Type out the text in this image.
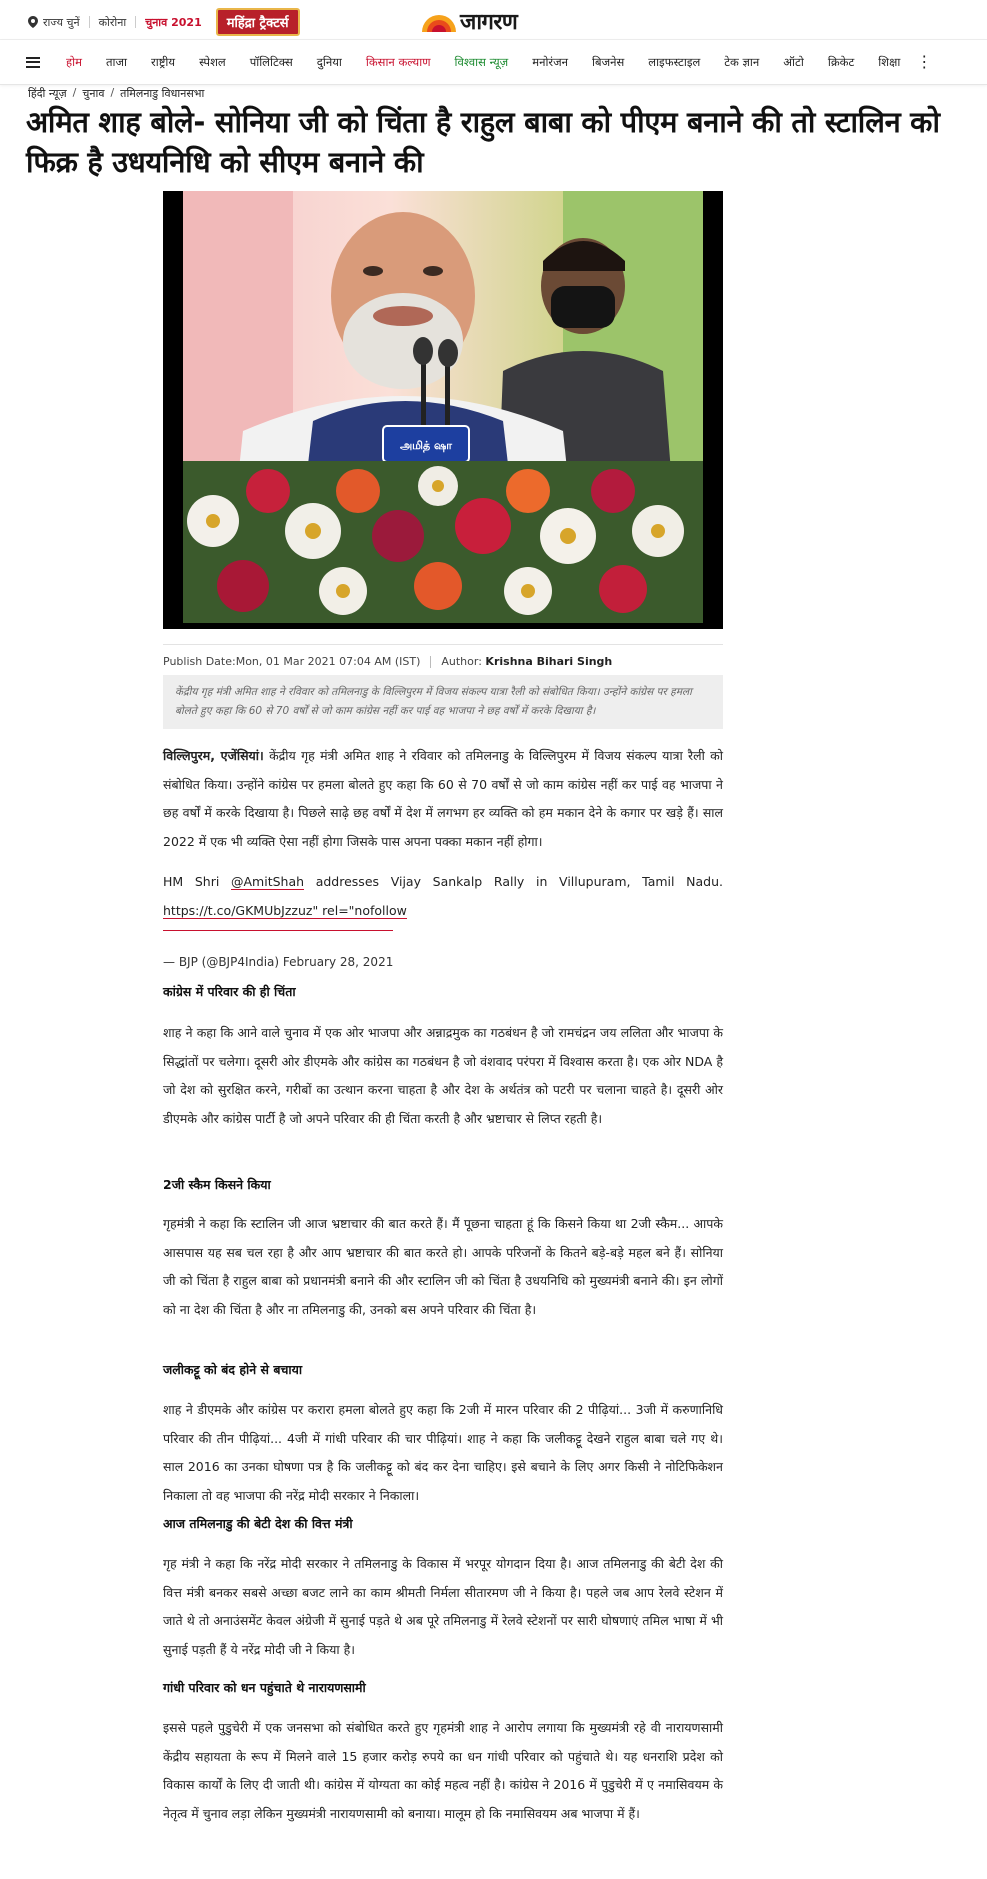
राज्य चुनें कोरोना चुनाव 2021	महिंद्रा ट्रैक्टर्स	जागरण
होम	ताजा	राष्ट्रीय	स्पेशल	पॉलिटिक्स	दुनिया	किसान कल्याण	विश्वास न्यूज़	मनोरंजन	बिजनेस	लाइफस्टाइल	टेक ज्ञान	ऑटो	क्रिकेट	शिक्षा	⋮
हिंदी न्यूज़ / चुनाव / तमिलनाडु विधानसभा
अमित शाह बोले- सोनिया जी को चिंता है राहुल बाबा को पीएम बनाने की तो स्टालिन को फिक्र है उधयनिधि को सीएम बनाने की
அமித் ஷா
Publish Date:Mon, 01 Mar 2021 07:04 AM (IST) Author:
Krishna Bihari Singh
केंद्रीय गृह मंत्री अमित शाह ने रविवार को तमिलनाडु के विल्लिपुरम में विजय संकल्प यात्रा रैली को संबोधित किया। उन्होंने कांग्रेस पर हमला बोलते हुए कहा कि 60 से 70 वर्षों से जो काम कांग्रेस नहीं कर पाई वह भाजपा ने छह वर्षों में करके दिखाया है।
विल्लिपुरम, एजेंसियां। केंद्रीय गृह मंत्री अमित शाह ने रविवार को तमिलनाडु के विल्लिपुरम में विजय संकल्प यात्रा रैली को संबोधित किया। उन्होंने कांग्रेस पर हमला बोलते हुए कहा कि 60 से 70 वर्षों से जो काम कांग्रेस नहीं कर पाई वह भाजपा ने छह वर्षों में करके दिखाया है। पिछले साढ़े छह वर्षों में देश में लगभग हर व्यक्ति को हम मकान देने के कगार पर खड़े हैं। साल 2022 में एक भी व्यक्ति ऐसा नहीं होगा जिसके पास अपना पक्का मकान नहीं होगा।
HM Shri @AmitShah addresses Vijay Sankalp Rally in Villupuram, Tamil Nadu. https://t.co/GKMUbJzzuz" rel="nofollow
— BJP (@BJP4India) February 28, 2021
कांग्रेस में परिवार की ही चिंता
शाह ने कहा कि आने वाले चुनाव में एक ओर भाजपा और अन्नाद्रमुक का गठबंधन है जो रामचंद्रन जय ललिता और भाजपा के सिद्धांतों पर चलेगा। दूसरी ओर डीएमके और कांग्रेस का गठबंधन है जो वंशवाद परंपरा में विश्वास करता है। एक ओर NDA है जो देश को सुरक्षित करने, गरीबों का उत्थान करना चाहता है और देश के अर्थतंत्र को पटरी पर चलाना चाहते है। दूसरी ओर डीएमके और कांग्रेस पार्टी है जो अपने परिवार की ही चिंता करती है और भ्रष्टाचार से लिप्त रहती है।
2जी स्कैम किसने किया
गृहमंत्री ने कहा कि स्टालिन जी आज भ्रष्टाचार की बात करते हैं। मैं पूछना चाहता हूं कि किसने किया था 2जी स्कैम... आपके आसपास यह सब चल रहा है और आप भ्रष्टाचार की बात करते हो। आपके परिजनों के कितने बड़े-बड़े महल बने हैं। सोनिया जी को चिंता है राहुल बाबा को प्रधानमंत्री बनाने की और स्टालिन जी को चिंता है उधयनिधि को मुख्यमंत्री बनाने की। इन लोगों को ना देश की चिंता है और ना तमिलनाडु की, उनको बस अपने परिवार की चिंता है।
जलीकट्टू को बंद होने से बचाया
शाह ने डीएमके और कांग्रेस पर करारा हमला बोलते हुए कहा कि 2जी में मारन परिवार की 2 पीढ़ियां... 3जी में करुणानिधि परिवार की तीन पीढ़ियां... 4जी में गांधी परिवार की चार पीढ़ियां। शाह ने कहा कि जलीकट्टू देखने राहुल बाबा चले गए थे। साल 2016 का उनका घोषणा पत्र है कि जलीकट्टू को बंद कर देना चाहिए। इसे बचाने के लिए अगर किसी ने नोटिफिकेशन निकाला तो वह भाजपा की नरेंद्र मोदी सरकार ने निकाला।
आज तमिलनाडु की बेटी देश की वित्त मंत्री
गृह मंत्री ने कहा कि नरेंद्र मोदी सरकार ने तमिलनाडु के विकास में भरपूर योगदान दिया है। आज तमिलनाडु की बेटी देश की वित्त मंत्री बनकर सबसे अच्छा बजट लाने का काम श्रीमती निर्मला सीतारमण जी ने किया है। पहले जब आप रेलवे स्टेशन में जाते थे तो अनाउंसमेंट केवल अंग्रेजी में सुनाई पड़ते थे अब पूरे तमिलनाडु में रेलवे स्टेशनों पर सारी घोषणाएं तमिल भाषा में भी सुनाई पड़ती हैं ये नरेंद्र मोदी जी ने किया है।
गांधी परिवार को धन पहुंचाते थे नारायणसामी
इससे पहले पुडुचेरी में एक जनसभा को संबोधित करते हुए गृहमंत्री शाह ने आरोप लगाया कि मुख्यमंत्री रहे वी नारायणसामी केंद्रीय सहायता के रूप में मिलने वाले 15 हजार करोड़ रुपये का धन गांधी परिवार को पहुंचाते थे। यह धनराशि प्रदेश को विकास कार्यों के लिए दी जाती थी। कांग्रेस में योग्यता का कोई महत्व नहीं है। कांग्रेस ने 2016 में पुडुचेरी में ए नमासिवयम के नेतृत्व में चुनाव लड़ा लेकिन मुख्यमंत्री नारायणसामी को बनाया। मालूम हो कि नमासिवयम अब भाजपा में हैं।
